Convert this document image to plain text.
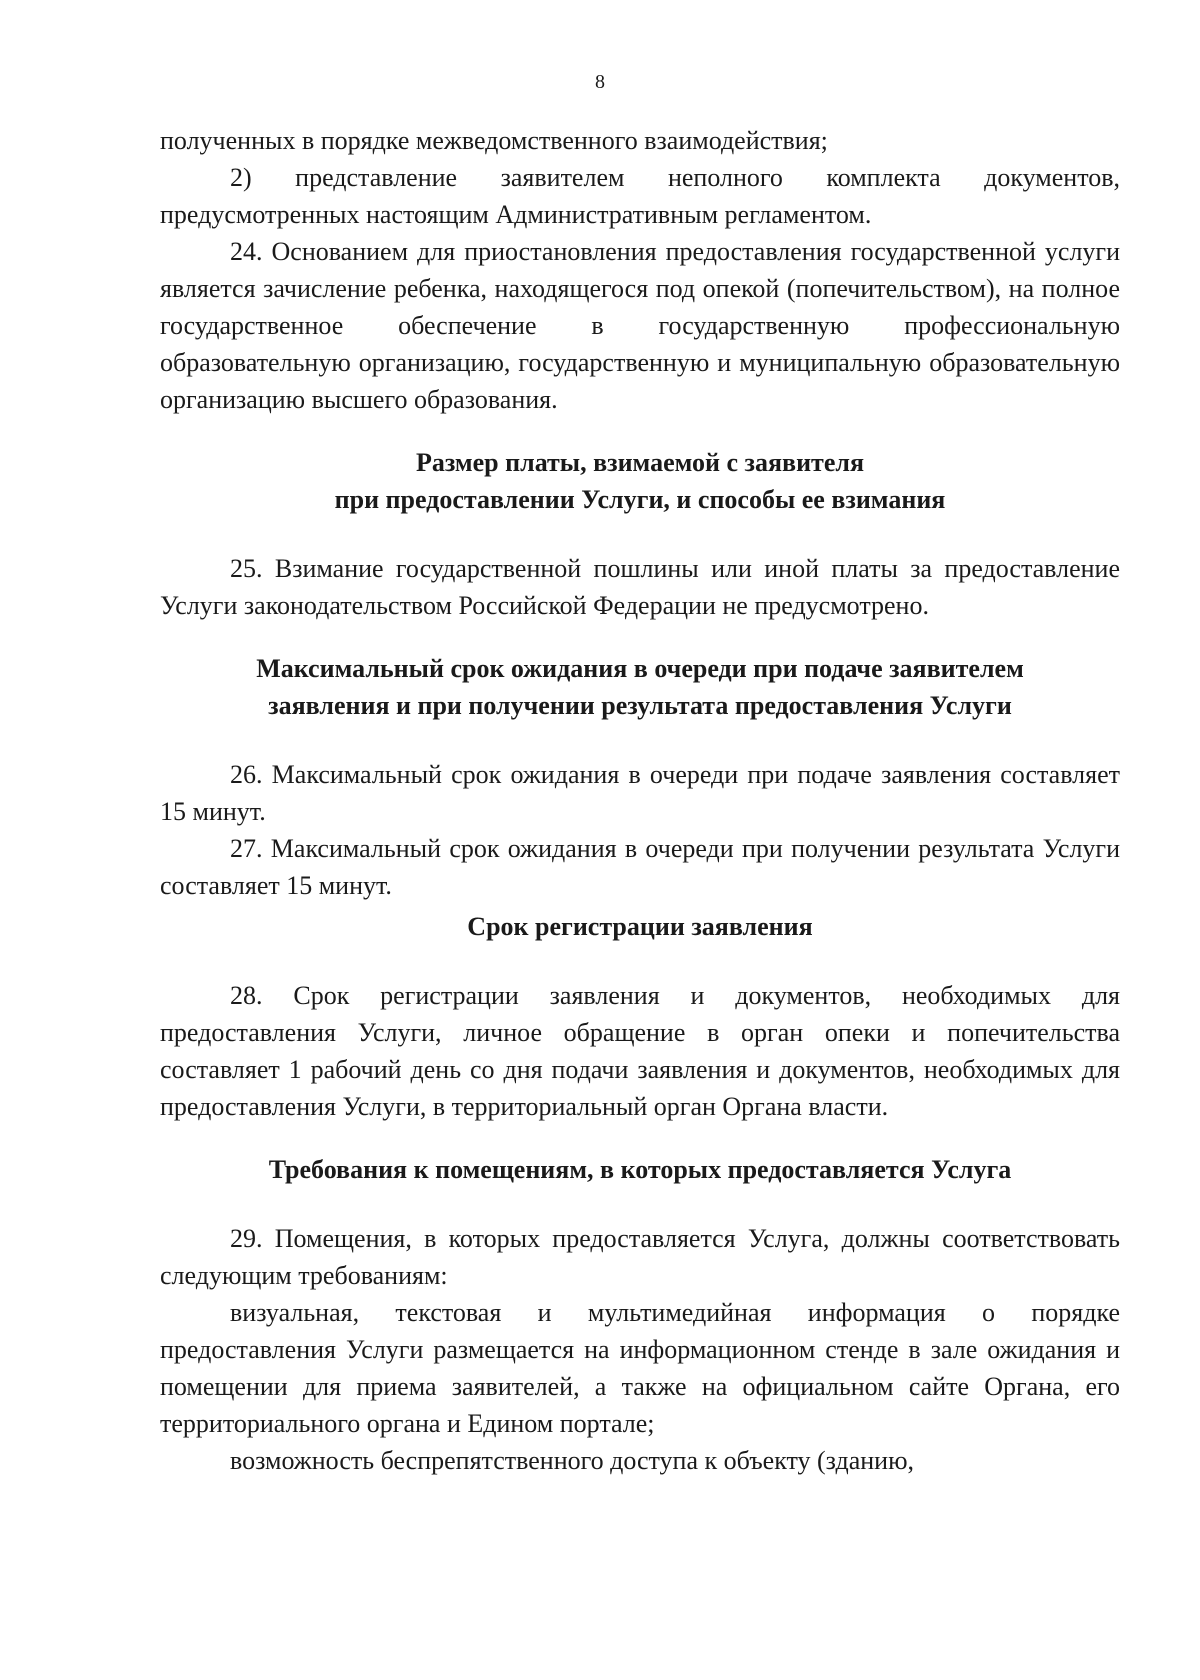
8

полученных в порядке межведомственного взаимодействия;

2) представление заявителем неполного комплекта документов, предусмотренных настоящим Административным регламентом.

24. Основанием для приостановления предоставления государственной услуги является зачисление ребенка, находящегося под опекой (попечительством), на полное государственное обеспечение в государственную профессиональную образовательную организацию, государственную и муниципальную образовательную организацию высшего образования.

Размер платы, взимаемой с заявителя
при предоставлении Услуги, и способы ее взимания

25. Взимание государственной пошлины или иной платы за предоставление Услуги законодательством Российской Федерации не предусмотрено.

Максимальный срок ожидания в очереди при подаче заявителем
заявления и при получении результата предоставления Услуги

26. Максимальный срок ожидания в очереди при подаче заявления составляет 15 минут.

27. Максимальный срок ожидания в очереди при получении результата Услуги составляет 15 минут.

Срок регистрации заявления

28. Срок регистрации заявления и документов, необходимых для предоставления Услуги, личное обращение в орган опеки и попечительства составляет 1 рабочий день со дня подачи заявления и документов, необходимых для предоставления Услуги, в территориальный орган Органа власти.

Требования к помещениям, в которых предоставляется Услуга

29. Помещения, в которых предоставляется Услуга, должны соответствовать следующим требованиям:

визуальная, текстовая и мультимедийная информация о порядке предоставления Услуги размещается на информационном стенде в зале ожидания и помещении для приема заявителей, а также на официальном сайте Органа, его территориального органа и Едином портале;

возможность беспрепятственного доступа к объекту (зданию,
